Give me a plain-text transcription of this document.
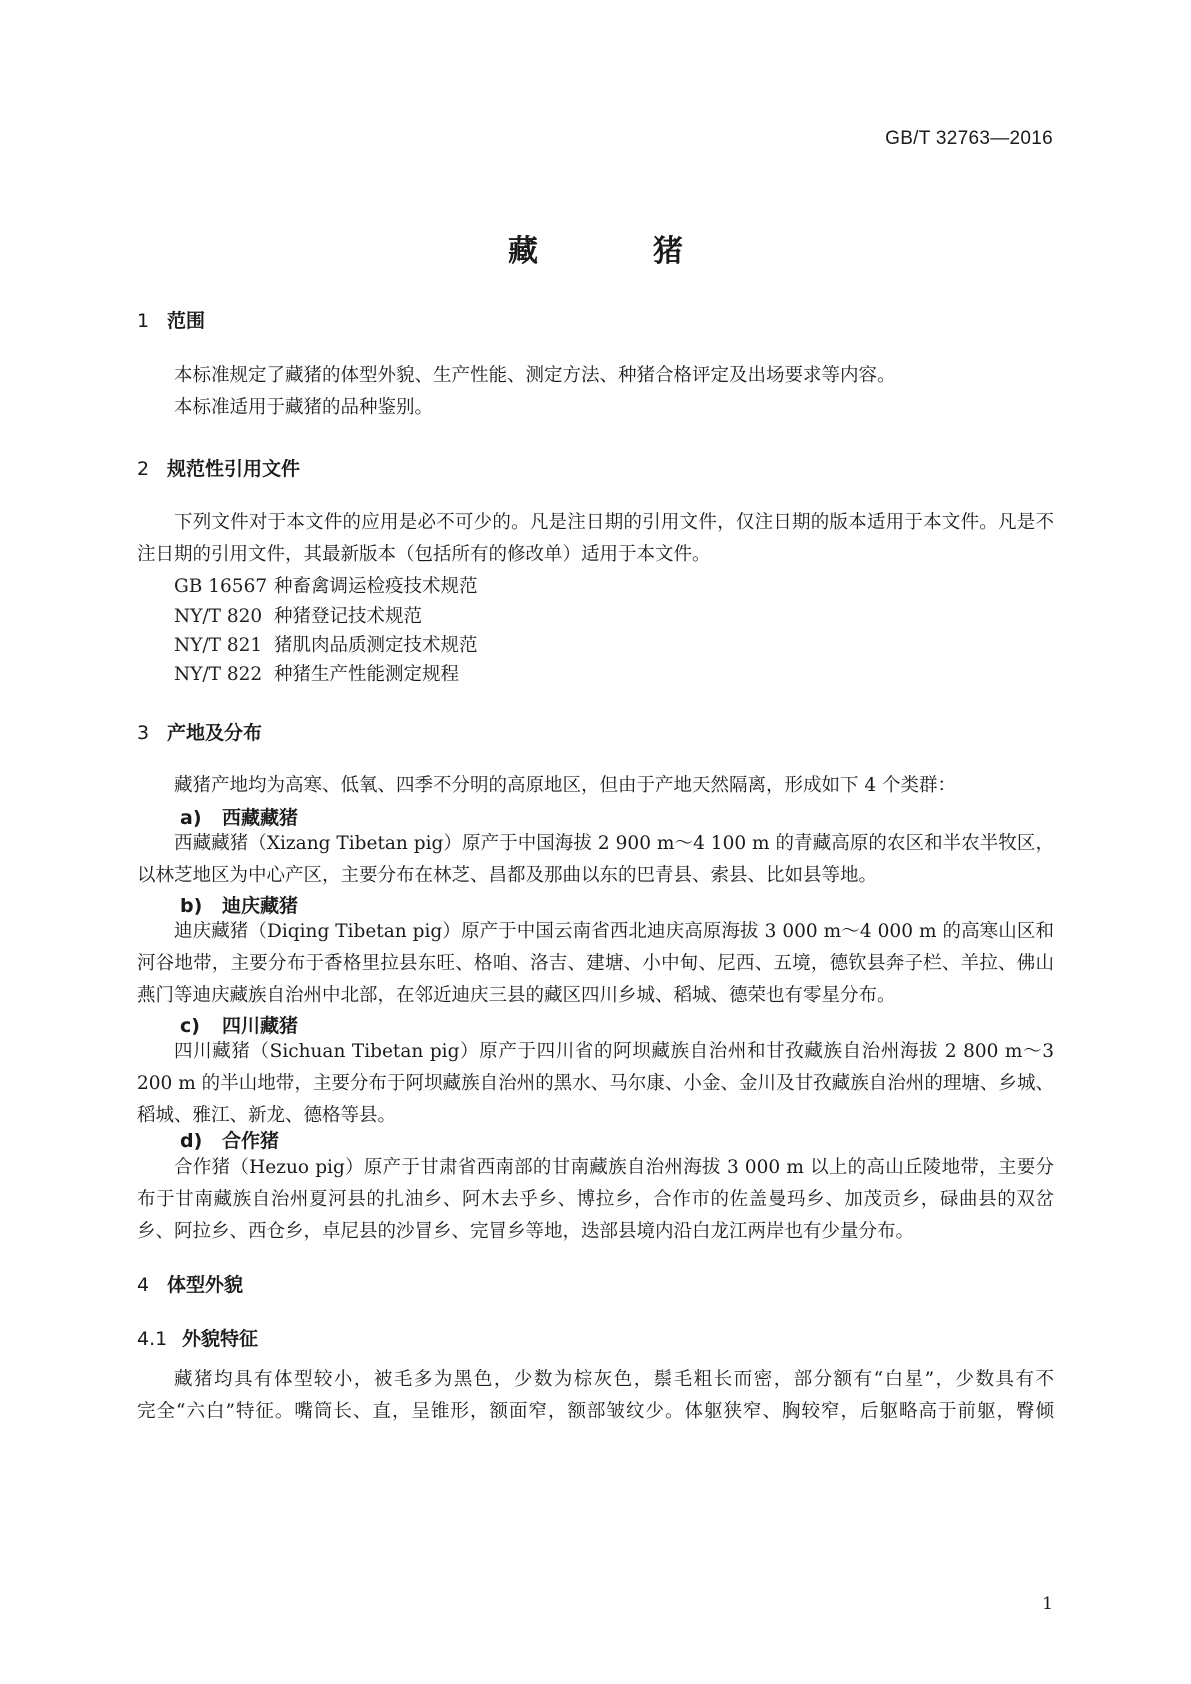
GB/T 32763—2016
藏	猪
1 范围
本标准规定了藏猪的体型外貌、生产性能、测定方法、种猪合格评定及出场要求等内容。
本标准适用于藏猪的品种鉴别。
2 规范性引用文件
下列文件对于本文件的应用是必不可少的。凡是注日期的引用文件，仅注日期的版本适用于本文件。凡是不注日期的引用文件，其最新版本（包括所有的修改单）适用于本文件。
GB 16567 种畜禽调运检疫技术规范
NY/T 820 种猪登记技术规范
NY/T 821 猪肌肉品质测定技术规范
NY/T 822 种猪生产性能测定规程
3 产地及分布
藏猪产地均为高寒、低氧、四季不分明的高原地区，但由于产地天然隔离，形成如下 4 个类群：
a) 西藏藏猪
西藏藏猪（Xizang Tibetan pig）原产于中国海拔 2 900 m～4 100 m 的青藏高原的农区和半农半牧区，以林芝地区为中心产区，主要分布在林芝、昌都及那曲以东的巴青县、索县、比如县等地。
b) 迪庆藏猪
迪庆藏猪（Diqing Tibetan pig）原产于中国云南省西北迪庆高原海拔 3 000 m～4 000 m 的高寒山区和河谷地带，主要分布于香格里拉县东旺、格咱、洛吉、建塘、小中甸、尼西、五境，德钦县奔子栏、羊拉、佛山燕门等迪庆藏族自治州中北部，在邻近迪庆三县的藏区四川乡城、稻城、德荣也有零星分布。
c) 四川藏猪
四川藏猪（Sichuan Tibetan pig）原产于四川省的阿坝藏族自治州和甘孜藏族自治州海拔 2 800 m～3 200 m 的半山地带，主要分布于阿坝藏族自治州的黑水、马尔康、小金、金川及甘孜藏族自治州的理塘、乡城、稻城、雅江、新龙、德格等县。
d) 合作猪
合作猪（Hezuo pig）原产于甘肃省西南部的甘南藏族自治州海拔 3 000 m 以上的高山丘陵地带，主要分布于甘南藏族自治州夏河县的扎油乡、阿木去乎乡、博拉乡，合作市的佐盖曼玛乡、加茂贡乡，碌曲县的双岔乡、阿拉乡、西仓乡，卓尼县的沙冒乡、完冒乡等地，迭部县境内沿白龙江两岸也有少量分布。
4 体型外貌
4.1 外貌特征
藏猪均具有体型较小，被毛多为黑色，少数为棕灰色，鬃毛粗长而密，部分额有“白星”，少数具有不
完全“六白”特征。嘴筒长、直，呈锥形，额面窄，额部皱纹少。体躯狭窄、胸较窄，后躯略高于前躯，臀倾
1
